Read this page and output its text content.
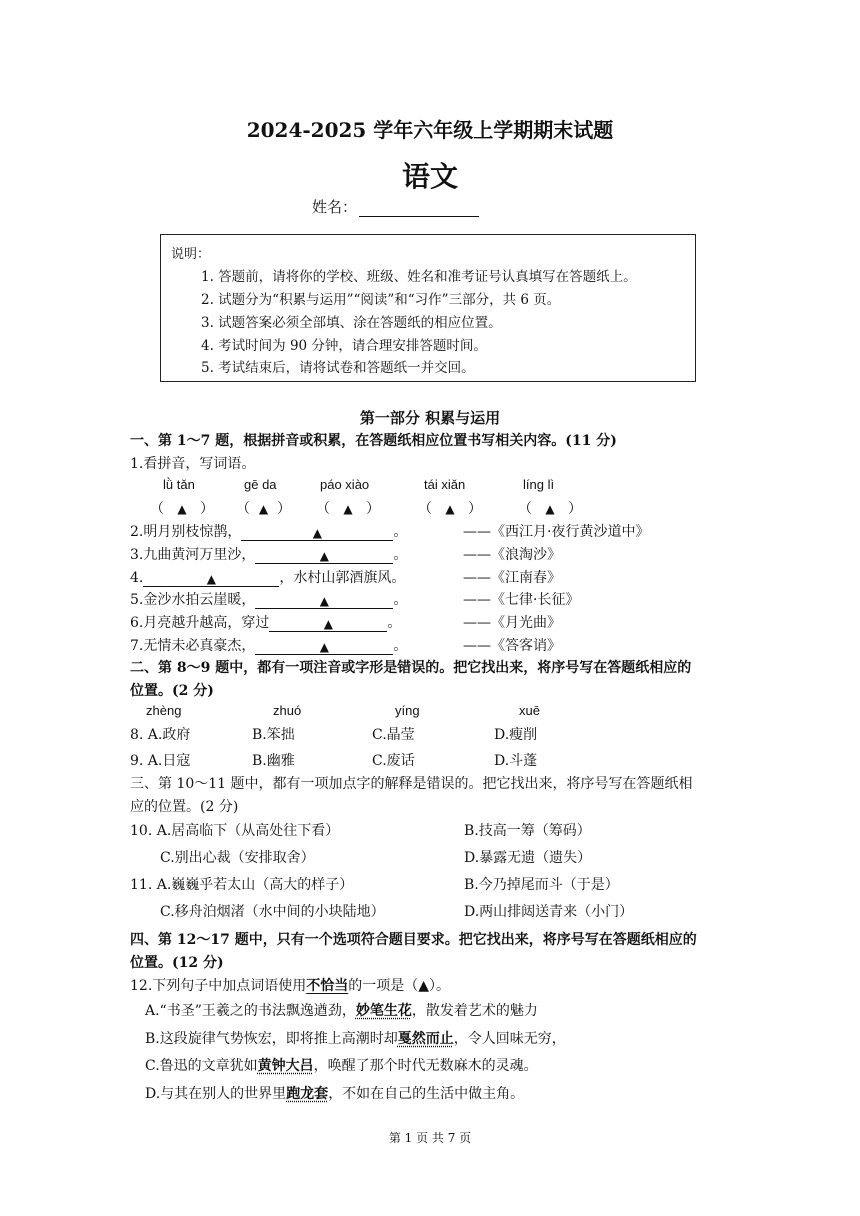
2024-2025 学年六年级上学期期末试题
语文
姓名：
说明：
1. 答题前，请将你的学校、班级、姓名和准考证号认真填写在答题纸上。
2. 试题分为“积累与运用”“阅读”和“习作”三部分，共 6 页。
3. 试题答案必须全部填、涂在答题纸的相应位置。
4. 考试时间为 90 分钟，请合理安排答题时间。
5. 考试结束后，请将试卷和答题纸一并交回。
第一部分 积累与运用
一、第 1～7 题，根据拼音或积累，在答题纸相应位置书写相关内容。(11 分)
1.看拼音，写词语。
lǜ tǎn	gē da	páo xiào	tái xiǎn	líng lì
（   ▲   ） （  ▲  ） （   ▲   ）	（   ▲   ）	（   ▲   ）
2.明月别枝惊鹊，	▲	。	——《西江月·夜行黄沙道中》
3.九曲黄河万里沙，	▲	。	——《浪淘沙》
4.	▲	，水村山郭酒旗风。	——《江南春》
5.金沙水拍云崖暖，	▲	。	——《七律·长征》
6.月亮越升越高，穿过	▲	。	——《月光曲》
7.无情未必真豪杰，	▲	。	——《答客诮》
二、第 8～9 题中，都有一项注音或字形是错误的。把它找出来，将序号写在答题纸相应的
位置。(2 分)
zhèng	zhuó	yíng	xuē
8. A.政府	B.笨拙	C.晶莹	D.瘦削
9. A.日寇	B.幽雅	C.废话	D.斗蓬
三、第 10～11 题中，都有一项加点字的解释是错误的。把它找出来，将序号写在答题纸相
应的位置。(2 分)
10. A.居高临下（从高处往下看）	B.技高一筹（筹码）
C.别出心裁（安排取舍）	D.暴露无遗（遗失）
11. A.巍巍乎若太山（高大的样子）	B.今乃掉尾而斗（于是）
C.移舟泊烟渚（水中间的小块陆地）	D.两山排闼送青来（小门）
四、第 12～17 题中，只有一个选项符合题目要求。把它找出来，将序号写在答题纸相应的
位置。(12 分)
12.下列句子中加点词语使用不恰当的一项是（▲）。
A.“书圣”王羲之的书法飘逸遒劲，妙笔生花，散发着艺术的魅力
B.这段旋律气势恢宏，即将推上高潮时却戛然而止，令人回味无穷，
C.鲁迅的文章犹如黄钟大吕，唤醒了那个时代无数麻木的灵魂。
D.与其在别人的世界里跑龙套，不如在自己的生活中做主角。
第 1 页 共 7 页
